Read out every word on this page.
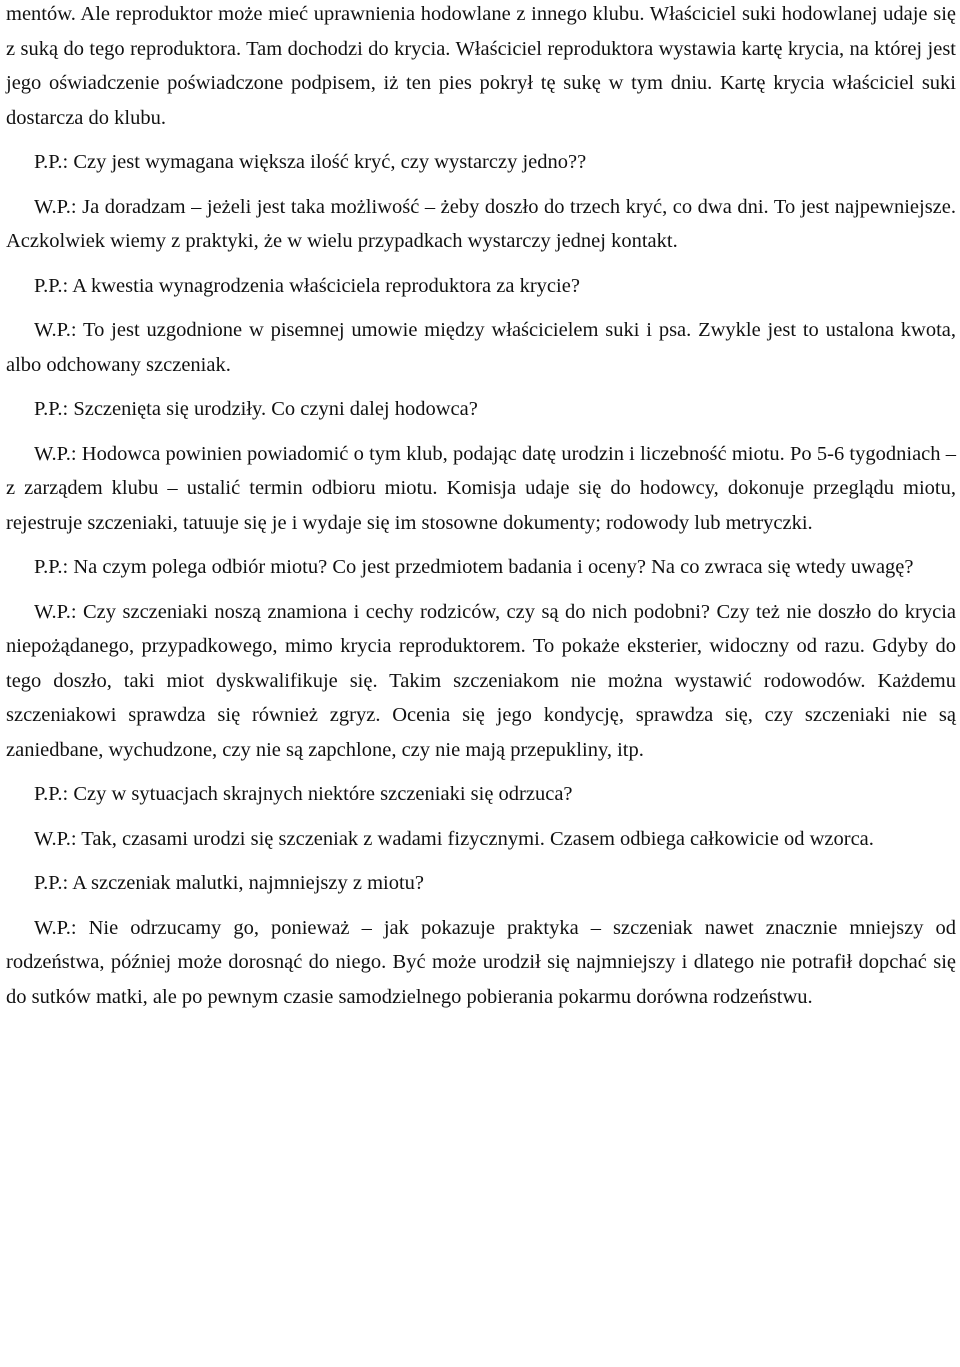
mentów. Ale reproduktor może mieć uprawnienia hodowlane z innego klubu. Właściciel suki hodowlanej udaje się z suką do tego reproduktora. Tam dochodzi do krycia. Właściciel reproduktora wystawia kartę krycia, na której jest jego oświadczenie poświadczone podpisem, iż ten pies pokrył tę sukę w tym dniu. Kartę krycia właściciel suki dostarcza do klubu.

P.P.: Czy jest wymagana większa ilość kryć, czy wystarczy jedno??

W.P.: Ja doradzam – jeżeli jest taka możliwość – żeby doszło do trzech kryć, co dwa dni. To jest najpewniejsze. Aczkolwiek wiemy z praktyki, że w wielu przypadkach wystarczy jednej kontakt.

P.P.: A kwestia wynagrodzenia właściciela reproduktora za krycie?

W.P.: To jest uzgodnione w pisemnej umowie między właścicielem suki i psa. Zwykle jest to ustalona kwota, albo odchowany szczeniak.

P.P.: Szczenięta się urodziły. Co czyni dalej hodowca?

W.P.: Hodowca powinien powiadomić o tym klub, podając datę urodzin i liczebność miotu. Po 5-6 tygodniach – z zarządem klubu – ustalić termin odbioru miotu. Komisja udaje się do hodowcy, dokonuje przeglądu miotu, rejestruje szczeniaki, tatuuje się je i wydaje się im stosowne dokumenty; rodowody lub metryczki.

P.P.: Na czym polega odbiór miotu? Co jest przedmiotem badania i oceny? Na co zwraca się wtedy uwagę?

W.P.: Czy szczeniaki noszą znamiona i cechy rodziców, czy są do nich podobni? Czy też nie doszło do krycia niepożądanego, przypadkowego, mimo krycia reproduktorem. To pokaże eksterier, widoczny od razu. Gdyby do tego doszło, taki miot dyskwalifikuje się. Takim szczeniakom nie można wystawić rodowodów. Każdemu szczeniakowi sprawdza się również zgryz. Ocenia się jego kondycję, sprawdza się, czy szczeniaki nie są zaniedbane, wychudzone, czy nie są zapchlone, czy nie mają przepukliny, itp.

P.P.: Czy w sytuacjach skrajnych niektóre szczeniaki się odrzuca?

W.P.: Tak, czasami urodzi się szczeniak z wadami fizycznymi. Czasem odbiega całkowicie od wzorca.

P.P.: A szczeniak malutki, najmniejszy z miotu?

W.P.: Nie odrzucamy go, ponieważ – jak pokazuje praktyka – szczeniak nawet znacznie mniejszy od rodzeństwa, później może dorosnąć do niego. Być może urodził się najmniejszy i dlatego nie potrafił dopchać się do sutków matki, ale po pewnym czasie samodzielnego pobierania pokarmu dorówna rodzeństwu.
